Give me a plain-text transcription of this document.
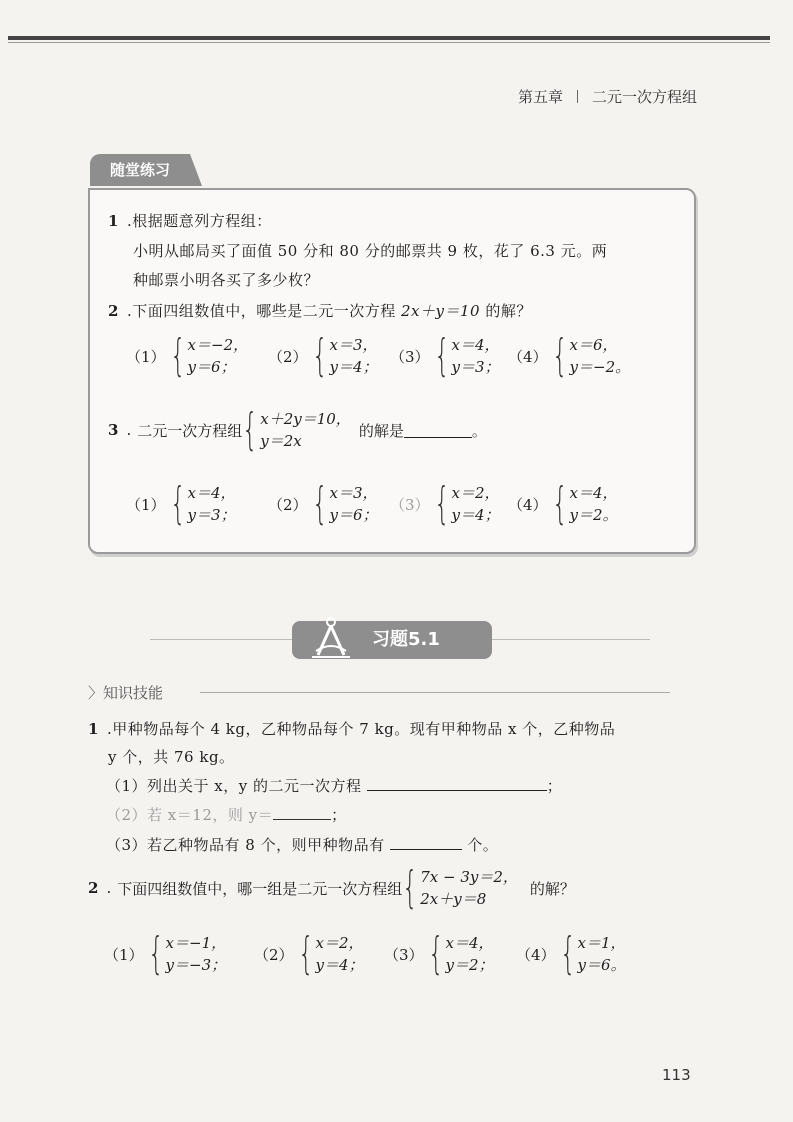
第五章 二元一次方程组
随堂练习
1 .根据题意列方程组：
小明从邮局买了面值 50 分和 80 分的邮票共 9 枚，花了 6.3 元。两
种邮票小明各买了多少枚？
2 .下面四组数值中，哪些是二元一次方程 2x＋y＝10 的解？
（1） { x＝−2，
y＝6；
（2） { x＝3，
y＝4；
（3） { x＝4，
y＝3；
（4） { x＝6，
y＝−2。
3 . 二元一次方程组 { x＋2y＝10，
y＝2x
的解是	。
（1） { x＝4，
y＝3；
（2） { x＝3，
y＝6；
（3） { x＝2，
y＝4；
（4） { x＝4，
y＝2。
习题5.1
〉知识技能
1 .甲种物品每个 4 kg，乙种物品每个 7 kg。现有甲种物品 x 个，乙种物品
y 个，共 76 kg。
（1）列出关于 x，y 的二元一次方程	；
（2）若 x＝12，则 y＝	；
（3）若乙种物品有 8 个，则甲种物品有	个。
2 . 下面四组数值中，哪一组是二元一次方程组 { 7x − 3y＝2，
2x＋y＝8
的解？
（1） { x＝−1，
y＝−3；
（2） { x＝2，
y＝4；
（3） { x＝4，
y＝2；
（4） { x＝1，
y＝6。
113
